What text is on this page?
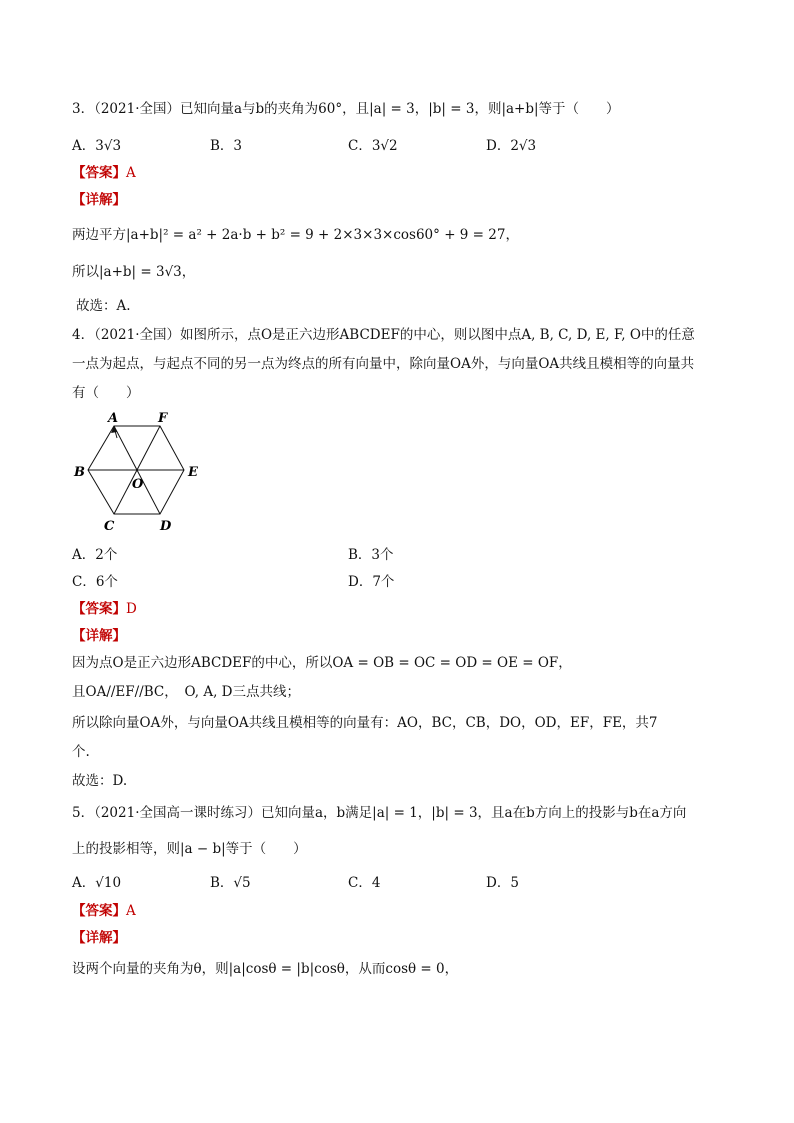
3．（2021·全国）已知向量a与b的夹角为60°，且|a| = 3，|b| = 3，则|a+b|等于（　　）
A．3√3	B．3	C．3√2	D．2√3
【答案】A
【详解】
两边平方|a+b|² = a² + 2a·b + b² = 9 + 2×3×3×cos60° + 9 = 27，
所以|a+b| = 3√3，
故选：A.
4．（2021·全国）如图所示，点O是正六边形ABCDEF的中心，则以图中点A, B, C, D, E, F, O中的任意
一点为起点，与起点不同的另一点为终点的所有向量中，除向量OA外，与向量OA共线且模相等的向量共
有（　　）
A	F
E
D
C
B
O
A．2个	B．3个
C．6个	D．7个
【答案】D
【详解】
因为点O是正六边形ABCDEF的中心，所以OA = OB = OC = OD = OE = OF，
且OA//EF//BC，　O, A, D三点共线；
所以除向量OA外，与向量OA共线且模相等的向量有：AO，BC，CB，DO，OD，EF，FE，共7
个.
故选：D.
5．（2021·全国高一课时练习）已知向量a，b满足|a| = 1，|b| = 3，且a在b方向上的投影与b在a方向
上的投影相等，则|a − b|等于（　　）
A．√10	B．√5	C．4	D．5
【答案】A
【详解】
设两个向量的夹角为θ，则|a|cosθ = |b|cosθ，从而cosθ = 0，
